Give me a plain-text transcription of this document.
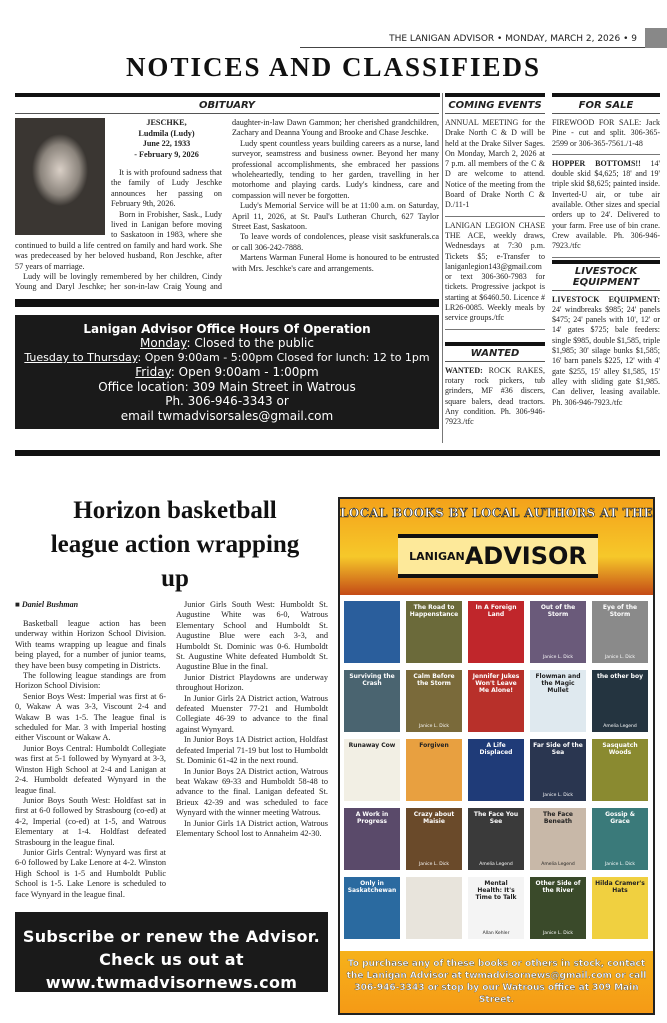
THE LANIGAN ADVISOR • MONDAY, MARCH 2, 2026 • 9
NOTICES AND CLASSIFIEDS
OBITUARY
JESCHKE,
Ludmila (Ludy)
June 22, 1933
- February 9, 2026

It is with profound sadness that the family of Ludy Jeschke announces her passing on February 9th, 2026.

Born in Frobisher, Sask., Ludy lived in Lanigan before moving to Saskatoon in 1983, where she continued to build a life centred on family and hard work. She was predeceased by her beloved husband, Ron Jeschke, after 57 years of marriage.

Ludy will be lovingly remembered by her children, Cindy Young and Daryl Jeschke; her son-in-law Craig Young and daughter-in-law Dawn Gammon; her cherished grandchildren, Zachary and Deanna Young and Brooke and Chase Jeschke.

Ludy spent countless years building careers as a nurse, land surveyor, seamstress and business owner. Beyond her many professional accomplishments, she embraced her passions wholeheartedly, tending to her garden, travelling in her motorhome and playing cards. Ludy's kindness, care and compassion will never be forgotten.

Ludy's Memorial Service will be at 11:00 a.m. on Saturday, April 11, 2026, at St. Paul's Lutheran Church, 627 Taylor Street East, Saskatoon.

To leave words of condolences, please visit saskfunerals.ca or call 306-242-7888.

Martens Warman Funeral Home is honoured to be entrusted with Mrs. Jeschke's care and arrangements.

Lanigan Advisor Office Hours Of Operation
Monday: Closed to the public
Tuesday to Thursday: Open 9:00am - 5:00pm Closed for lunch: 12 to 1pm
Friday: Open 9:00am - 1:00pm
Office location: 309 Main Street in Watrous
Ph. 306-946-3343 or
email twmadvisorsales@gmail.com
COMING EVENTS
ANNUAL MEETING for the Drake North C & D will be held at the Drake Silver Sages. On Monday, March 2, 2026 at 7 p.m. all members of the C & D are welcome to attend. Notice of the meeting from the Board of Drake North C & D./11-1
LANIGAN LEGION CHASE THE ACE, weekly draws, Wednesdays at 7:30 p.m. Tickets $5; e-Transfer to laniganlegion143@gmail.com or text 306-360-7983 for tickets. Progressive jackpot is starting at $6460.50. Licence # LR26-0085. Weekly meals by service groups./tfc
WANTED
WANTED: ROCK RAKES, rotary rock pickers, tub grinders, MF #36 discers, square balers, dead tractors. Any condition. Ph. 306-946-7923./tfc
FOR SALE
FIREWOOD FOR SALE: Jack Pine - cut and split. 306-365-2599 or 306-365-7561./1-48
HOPPER BOTTOMS!! 14' double skid $4,625; 18' and 19' triple skid $8,625; painted inside. Inverted-U air, or tube air available. Other sizes and special orders up to 24'. Delivered to your farm. Free use of bin crane. Crew available. Ph. 306-946-7923./tfc
LIVESTOCK EQUIPMENT
LIVESTOCK EQUIPMENT: 24' windbreaks $985; 24' panels $475; 24' panels with 10', 12' or 14' gates $725; bale feeders: single $985, double $1,585, triple $1,985; 30' silage bunks $1,585; 16' barn panels $225, 12' with 4' gate $255, 15' alley $1,585, 15' alley with sliding gate $1,985. Can deliver, leasing available. Ph. 306-946-7923./tfc
Horizon basketball league action wrapping up
■ Daniel Bushman

Basketball league action has been underway within Horizon School Division. With teams wrapping up league and finals being played, for a number of junior teams, they have been busy competing in Districts.

The following league standings are from Horizon School Division:

Senior Boys West: Imperial was first at 6-0, Wakaw A was 3-3, Viscount 2-4 and Wakaw B was 1-5. The league final is scheduled for Mar. 3 with Imperial hosting either Viscount or Wakaw A.

Junior Boys Central: Humboldt Collegiate was first at 5-1 followed by Wynyard at 3-3, Winston High School at 2-4 and Lanigan at 2-4. Humboldt defeated Wynyard in the league final.

Junior Boys South West: Holdfast sat in first at 6-0 followed by Strasbourg (co-ed) at 4-2, Imperial (co-ed) at 1-5, and Watrous Elementary at 1-4. Holdfast defeated Strasbourg in the league final.

Junior Girls Central: Wynyard was first at 6-0 followed by Lake Lenore at 4-2. Winston High School is 1-5 and Humboldt Public School is 1-5. Lake Lenore is scheduled to face Wynyard in the league final.

Junior Girls South West: Humboldt St. Augustine White was 6-0, Watrous Elementary School and Humboldt St. Augustine Blue were each 3-3, and Humboldt St. Dominic was 0-6. Humboldt St. Augustine White defeated Humboldt St. Augustine Blue in the final.

Junior District Playdowns are underway throughout Horizon.

In Junior Girls 2A District action, Watrous defeated Muenster 77-21 and Humboldt Collegiate 46-39 to advance to the final against Wynyard.

In Junior Boys 1A District action, Holdfast defeated Imperial 71-19 but lost to Humboldt St. Dominic 61-42 in the next round.

In Junior Boys 2A District action, Watrous beat Wakaw 69-33 and Humboldt 58-48 to advance to the final. Lanigan defeated St. Brieux 42-39 and was scheduled to face Wynyard with the winner meeting Watrous.

In Junior Girls 1A District action, Watrous Elementary School lost to Annaheim 42-30.

Subscribe or renew the Advisor. Check us out at www.twmadvisornews.com
LOCAL BOOKS BY LOCAL AUTHORS AT THE
LANIGAN ADVISOR
The Road to Happenstance
In A Foreign Land
Out of the Storm
Janice L. Dick
Eye of the Storm
Janice L. Dick
Surviving the Crash
Calm Before the Storm
Janice L. Dick
Jennifer Jukes Won't Leave Me Alone!
Flowman and the Magic Mullet
the other boy
Amelia Legend
Runaway Cow	Forgiven	A Life Displaced
Far Side of the Sea
Janice L. Dick
Sasquatch Woods
A Work in Progress
Crazy about Maisie
Janice L. Dick
The Face You See
Amelia Legend
The Face Beneath
Amelia Legend
Gossip & Grace
Janice L. Dick
Only in Saskatchewan
Mental Health: It's Time to Talk
Allan Kehler
Other Side of the River
Janice L. Dick
Hilda Cramer's Hats
To purchase any of these books or others in stock, contact the Lanigan Advisor at twmadvisornews@gmail.com or call 306-946-3343 or stop by our Watrous office at 309 Main Street.
